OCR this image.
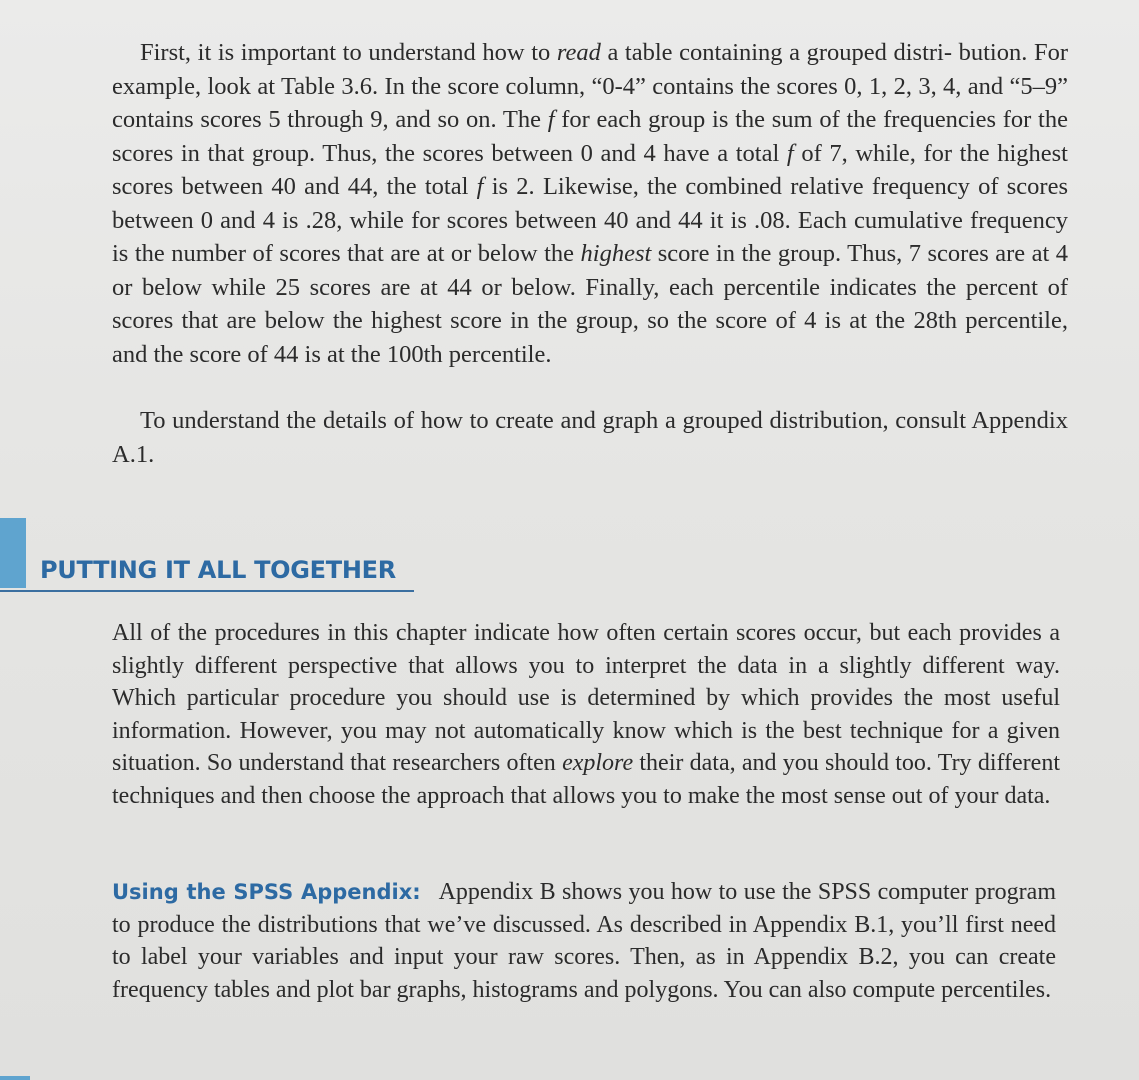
First, it is important to understand how to read a table containing a grouped distri- bution. For example, look at Table 3.6. In the score column, “0-4” contains the scores 0, 1, 2, 3, 4, and “5–9” contains scores 5 through 9, and so on. The f for each group is the sum of the frequencies for the scores in that group. Thus, the scores between 0 and 4 have a total f of 7, while, for the highest scores between 40 and 44, the total f is 2. Likewise, the combined relative frequency of scores between 0 and 4 is .28, while for scores between 40 and 44 it is .08. Each cumulative frequency is the number of scores that are at or below the highest score in the group. Thus, 7 scores are at 4 or below while 25 scores are at 44 or below. Finally, each percentile indicates the percent of scores that are below the highest score in the group, so the score of 4 is at the 28th percentile, and the score of 44 is at the 100th percentile.

To understand the details of how to create and graph a grouped distribution, consult Appendix A.1.

PUTTING IT ALL TOGETHER

All of the procedures in this chapter indicate how often certain scores occur, but each provides a slightly different perspective that allows you to interpret the data in a slightly different way. Which particular procedure you should use is determined by which provides the most useful information. However, you may not automatically know which is the best technique for a given situation. So understand that researchers often explore their data, and you should too. Try different techniques and then choose the approach that allows you to make the most sense out of your data.

Using the SPSS Appendix: Appendix B shows you how to use the SPSS computer program to produce the distributions that we’ve discussed. As described in Appendix B.1, you’ll first need to label your variables and input your raw scores. Then, as in Appendix B.2, you can create frequency tables and plot bar graphs, histograms and polygons. You can also compute percentiles.
